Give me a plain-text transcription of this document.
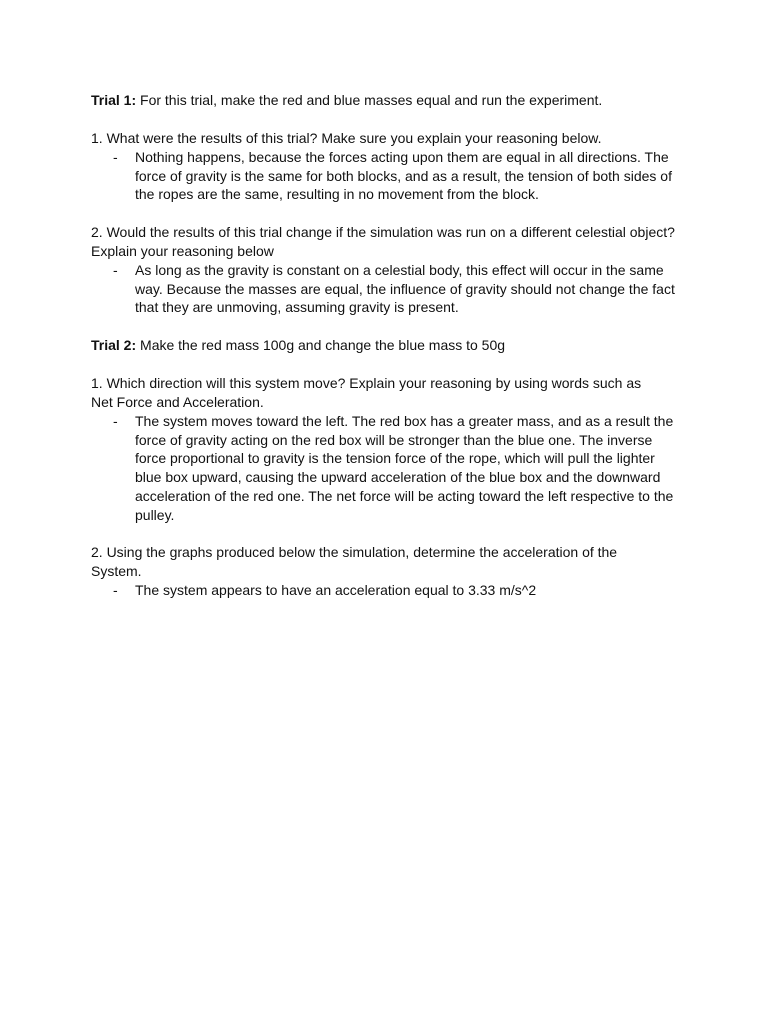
Trial 1: For this trial, make the red and blue masses equal and run the experiment.
1. What were the results of this trial? Make sure you explain your reasoning below.
- Nothing happens, because the forces acting upon them are equal in all directions. The force of gravity is the same for both blocks, and as a result, the tension of both sides of the ropes are the same, resulting in no movement from the block.
2. Would the results of this trial change if the simulation was run on a different celestial object?
Explain your reasoning below
- As long as the gravity is constant on a celestial body, this effect will occur in the same way. Because the masses are equal, the influence of gravity should not change the fact that they are unmoving, assuming gravity is present.
Trial 2: Make the red mass 100g and change the blue mass to 50g
1. Which direction will this system move? Explain your reasoning by using words such as
Net Force and Acceleration.
- The system moves toward the left. The red box has a greater mass, and as a result the force of gravity acting on the red box will be stronger than the blue one. The inverse force proportional to gravity is the tension force of the rope, which will pull the lighter blue box upward, causing the upward acceleration of the blue box and the downward acceleration of the red one. The net force will be acting toward the left respective to the pulley.
2. Using the graphs produced below the simulation, determine the acceleration of the
System.
- The system appears to have an acceleration equal to 3.33 m/s^2
